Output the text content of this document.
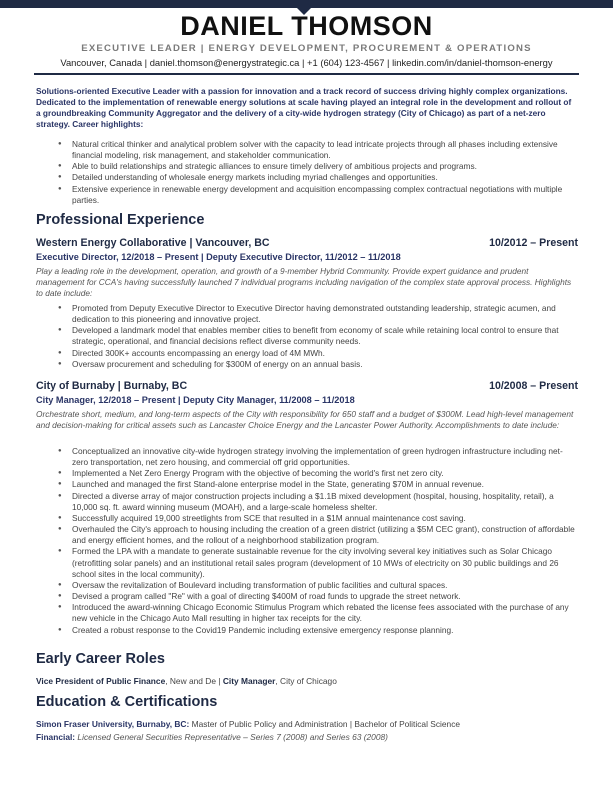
DANIEL THOMSON
EXECUTIVE LEADER | ENERGY DEVELOPMENT, PROCUREMENT & OPERATIONS
Vancouver, Canada | daniel.thomson@energystrategic.ca | +1 (604) 123-4567 | linkedin.com/in/daniel-thomson-energy
Solutions-oriented Executive Leader with a passion for innovation and a track record of success driving highly complex organizations. Dedicated to the implementation of renewable energy solutions at scale having played an integral role in the development and rollout of a groundbreaking Community Aggregator and the delivery of a city-wide hydrogen strategy (City of Chicago) as part of a net-zero strategy. Career highlights:
● Natural critical thinker and analytical problem solver with the capacity to lead intricate projects through all phases including extensive financial modeling, risk management, and stakeholder communication.
● Able to build relationships and strategic alliances to ensure timely delivery of ambitious projects and programs.
● Detailed understanding of wholesale energy markets including myriad challenges and opportunities.
● Extensive experience in renewable energy development and acquisition encompassing complex contractual negotiations with multiple parties.
Professional Experience
Western Energy Collaborative | Vancouver, BC	10/2012 – Present
Executive Director, 12/2018 – Present | Deputy Executive Director, 11/2012 – 11/2018
Play a leading role in the development, operation, and growth of a 9-member Hybrid Community. Provide expert guidance and prudent management for CCA's having successfully launched 7 individual programs including navigation of the complex state approval process. Highlights to date include:
● Promoted from Deputy Executive Director to Executive Director having demonstrated outstanding leadership, strategic acumen, and dedication to this pioneering and innovative project.
● Developed a landmark model that enables member cities to benefit from economy of scale while retaining local control to ensure that strategic, operational, and financial decisions reflect diverse community needs.
● Directed 300K+ accounts encompassing an energy load of 4M MWh.
● Oversaw procurement and scheduling for $300M of energy on an annual basis.
City of Burnaby | Burnaby, BC	10/2008 – Present
City Manager, 12/2018 – Present | Deputy City Manager, 11/2008 – 11/2018
Orchestrate short, medium, and long-term aspects of the City with responsibility for 650 staff and a budget of $300M. Lead high-level management and decision-making for critical assets such as Lancaster Choice Energy and the Lancaster Power Authority. Accomplishments to date include:
● Conceptualized an innovative city-wide hydrogen strategy involving the implementation of green hydrogen infrastructure including net-zero transportation, net zero housing, and commercial off grid opportunities.
● Implemented a Net Zero Energy Program with the objective of becoming the world's first net zero city.
● Launched and managed the first Stand-alone enterprise model in the State, generating $70M in annual revenue.
● Directed a diverse array of major construction projects including a $1.1B mixed development (hospital, housing, hospitality, retail), a 10,000 sq. ft. award winning museum (MOAH), and a large-scale homeless shelter.
● Successfully acquired 19,000 streetlights from SCE that resulted in a $1M annual maintenance cost saving.
● Overhauled the City's approach to housing including the creation of a green district (utilizing a $5M CEC grant), construction of affordable and energy efficient homes, and the rollout of a neighborhood stabilization program.
● Formed the LPA with a mandate to generate sustainable revenue for the city involving several key initiatives such as Solar Chicago (retrofitting solar panels) and an institutional retail sales program (development of 10 MWs of electricity on 30 public buildings and 26 school sites in the local community).
● Oversaw the revitalization of Boulevard including transformation of public facilities and cultural spaces.
● Devised a program called "Re" with a goal of directing $400M of road funds to upgrade the street network.
● Introduced the award-winning Chicago Economic Stimulus Program which rebated the license fees associated with the purchase of any new vehicle in the Chicago Auto Mall resulting in higher tax receipts for the city.
● Created a robust response to the Covid19 Pandemic including extensive emergency response planning.
Early Career Roles
Vice President of Public Finance, New and De | City Manager, City of Chicago
Education & Certifications
Simon Fraser University, Burnaby, BC: Master of Public Policy and Administration | Bachelor of Political Science
Financial: Licensed General Securities Representative – Series 7 (2008) and Series 63 (2008)
